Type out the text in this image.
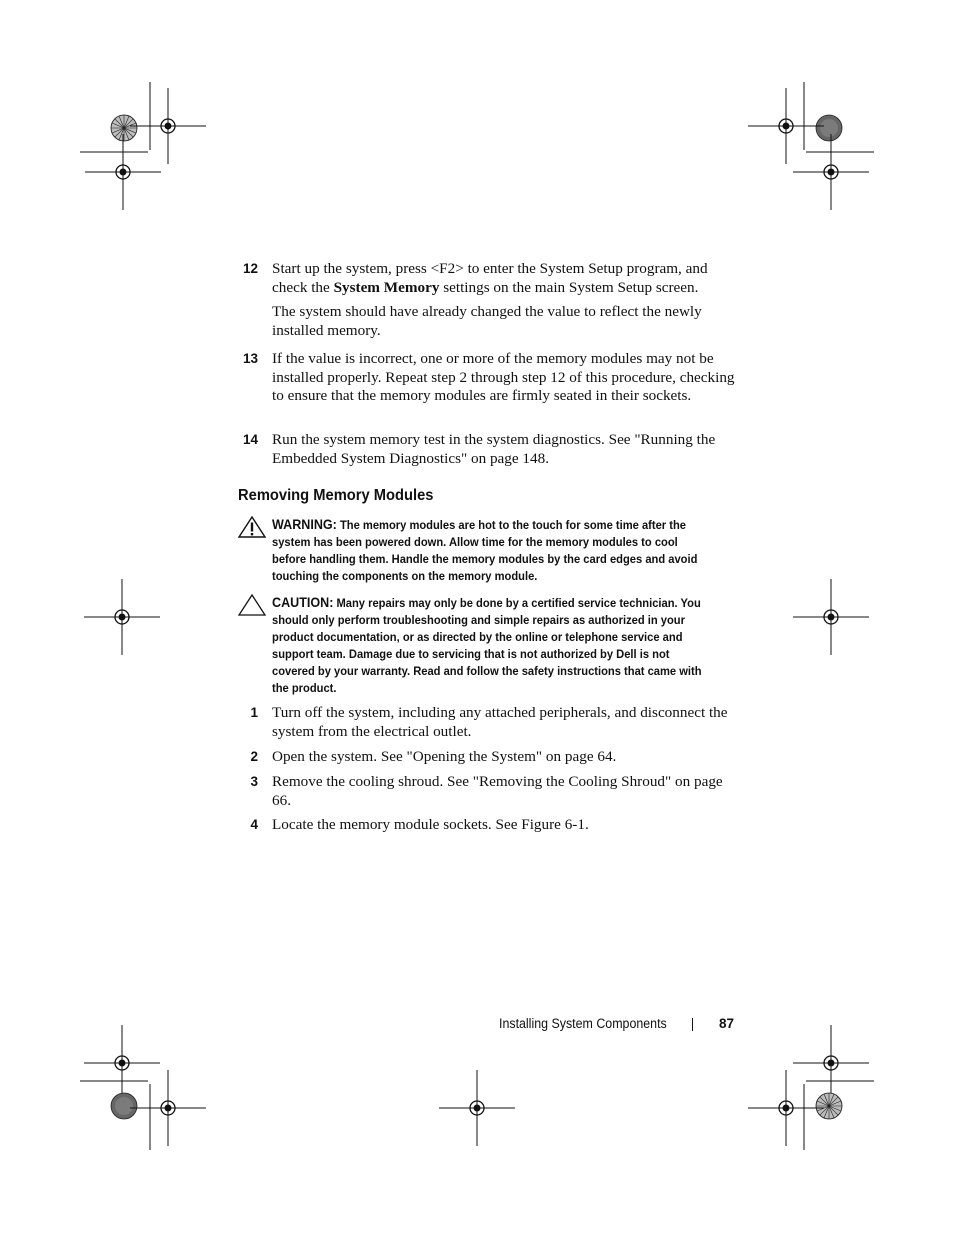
12 Start up the system, press <F2> to enter the System Setup program, and check the System Memory settings on the main System Setup screen.
The system should have already changed the value to reflect the newly installed memory.
13 If the value is incorrect, one or more of the memory modules may not be installed properly. Repeat step 2 through step 12 of this procedure, checking to ensure that the memory modules are firmly seated in their sockets.
14 Run the system memory test in the system diagnostics. See "Running the Embedded System Diagnostics" on page 148.
Removing Memory Modules
WARNING: The memory modules are hot to the touch for some time after the system has been powered down. Allow time for the memory modules to cool before handling them. Handle the memory modules by the card edges and avoid touching the components on the memory module.
CAUTION: Many repairs may only be done by a certified service technician. You should only perform troubleshooting and simple repairs as authorized in your product documentation, or as directed by the online or telephone service and support team. Damage due to servicing that is not authorized by Dell is not covered by your warranty. Read and follow the safety instructions that came with the product.
1 Turn off the system, including any attached peripherals, and disconnect the system from the electrical outlet.
2 Open the system. See "Opening the System" on page 64.
3 Remove the cooling shroud. See "Removing the Cooling Shroud" on page 66.
4 Locate the memory module sockets. See Figure 6-1.
Installing System Components	87
